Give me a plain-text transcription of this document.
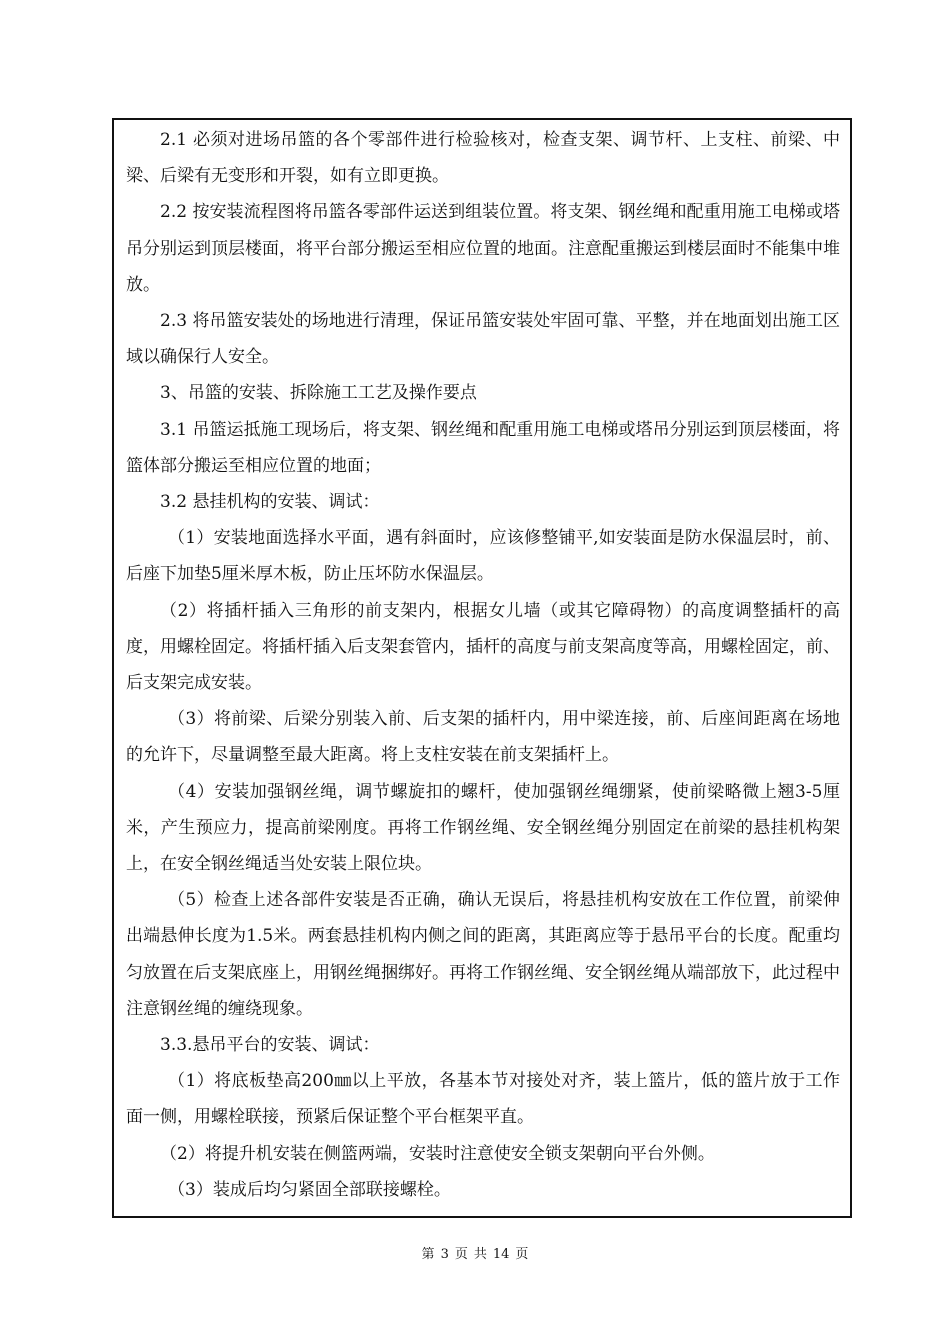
2.1 必须对进场吊篮的各个零部件进行检验核对，检查支架、调节杆、上支柱、前梁、中梁、后梁有无变形和开裂，如有立即更换。

2.2 按安装流程图将吊篮各零部件运送到组装位置。将支架、钢丝绳和配重用施工电梯或塔吊分别运到顶层楼面，将平台部分搬运至相应位置的地面。注意配重搬运到楼层面时不能集中堆放。

2.3 将吊篮安装处的场地进行清理，保证吊篮安装处牢固可靠、平整，并在地面划出施工区域以确保行人安全。

3、吊篮的安装、拆除施工工艺及操作要点

3.1 吊篮运抵施工现场后，将支架、钢丝绳和配重用施工电梯或塔吊分别运到顶层楼面，将篮体部分搬运至相应位置的地面；

3.2 悬挂机构的安装、调试：

（1）安装地面选择水平面，遇有斜面时，应该修整铺平,如安装面是防水保温层时，前、后座下加垫5厘米厚木板，防止压坏防水保温层。

（2）将插杆插入三角形的前支架内，根据女儿墙（或其它障碍物）的高度调整插杆的高度，用螺栓固定。将插杆插入后支架套管内，插杆的高度与前支架高度等高，用螺栓固定，前、后支架完成安装。

（3）将前梁、后梁分别装入前、后支架的插杆内，用中梁连接，前、后座间距离在场地的允许下，尽量调整至最大距离。将上支柱安装在前支架插杆上。

（4）安装加强钢丝绳，调节螺旋扣的螺杆，使加强钢丝绳绷紧，使前梁略微上翘3-5厘米，产生预应力，提高前梁刚度。再将工作钢丝绳、安全钢丝绳分别固定在前梁的悬挂机构架上，在安全钢丝绳适当处安装上限位块。

（5）检查上述各部件安装是否正确，确认无误后，将悬挂机构安放在工作位置，前梁伸出端悬伸长度为1.5米。两套悬挂机构内侧之间的距离，其距离应等于悬吊平台的长度。配重均匀放置在后支架底座上，用钢丝绳捆绑好。再将工作钢丝绳、安全钢丝绳从端部放下，此过程中注意钢丝绳的缠绕现象。

3.3.悬吊平台的安装、调试：

（1）将底板垫高200㎜以上平放，各基本节对接处对齐，装上篮片，低的篮片放于工作面一侧，用螺栓联接，预紧后保证整个平台框架平直。

（2）将提升机安装在侧篮两端，安装时注意使安全锁支架朝向平台外侧。

（3）装成后均匀紧固全部联接螺栓。

第 3 页 共 14 页
